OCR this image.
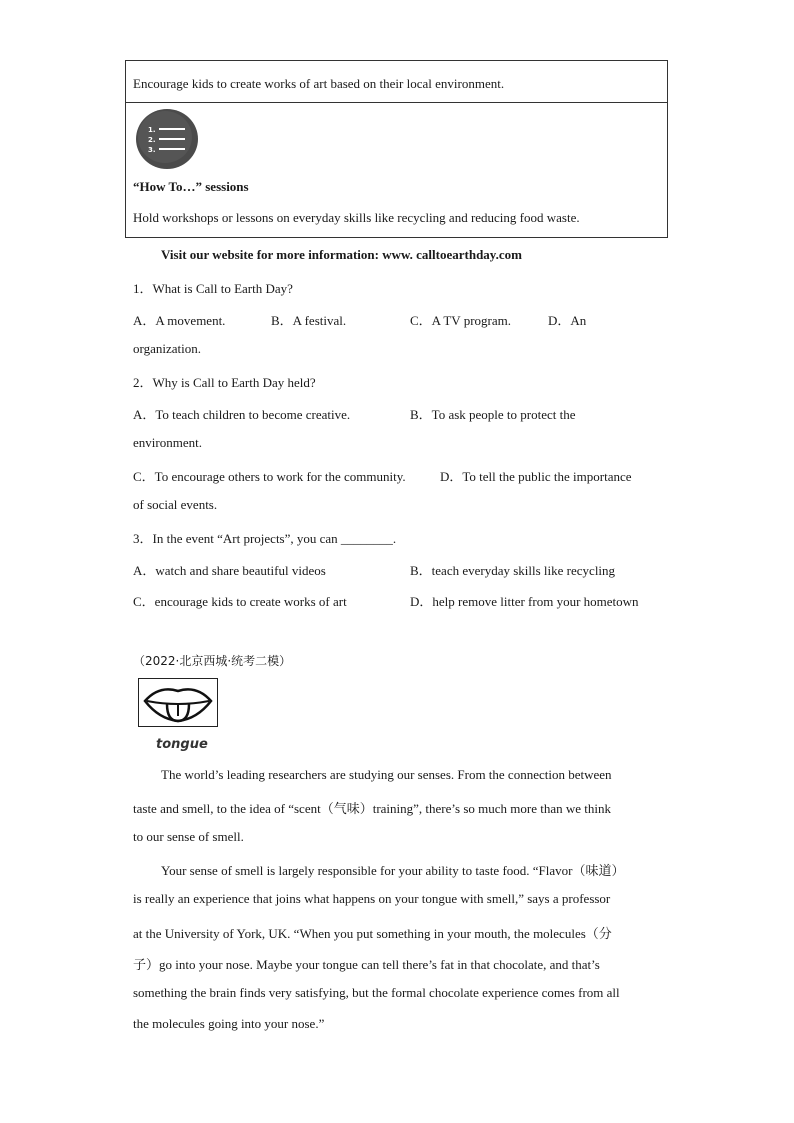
Encourage kids to create works of art based on their local environment.
1.
2.
3.
“How To…” sessions
Hold workshops or lessons on everyday skills like recycling and reducing food waste.
Visit our website for more information: www. calltoearthday.com
1．What is Call to Earth Day?
A．A movement.	B．A festival.	C．A TV program.	D．An
organization.
2．Why is Call to Earth Day held?
A．To teach children to become creative.	B．To ask people to protect the
environment.
C．To encourage others to work for the community.	D．To tell the public the importance
of social events.
3．In the event “Art projects”, you can ________.
A．watch and share beautiful videos	B．teach everyday skills like recycling
C．encourage kids to create works of art	D．help remove litter from your hometown
（2022·北京西城·统考二模）
tongue
The world’s leading researchers are studying our senses. From the connection between
taste and smell, to the idea of “scent（气味）training”, there’s so much more than we think
to our sense of smell.
Your sense of smell is largely responsible for your ability to taste food. “Flavor（味道）
is really an experience that joins what happens on your tongue with smell,” says a professor
at the University of York, UK. “When you put something in your mouth, the molecules（分
子）go into your nose. Maybe your tongue can tell there’s fat in that chocolate, and that’s
something the brain finds very satisfying, but the formal chocolate experience comes from all
the molecules going into your nose.”
